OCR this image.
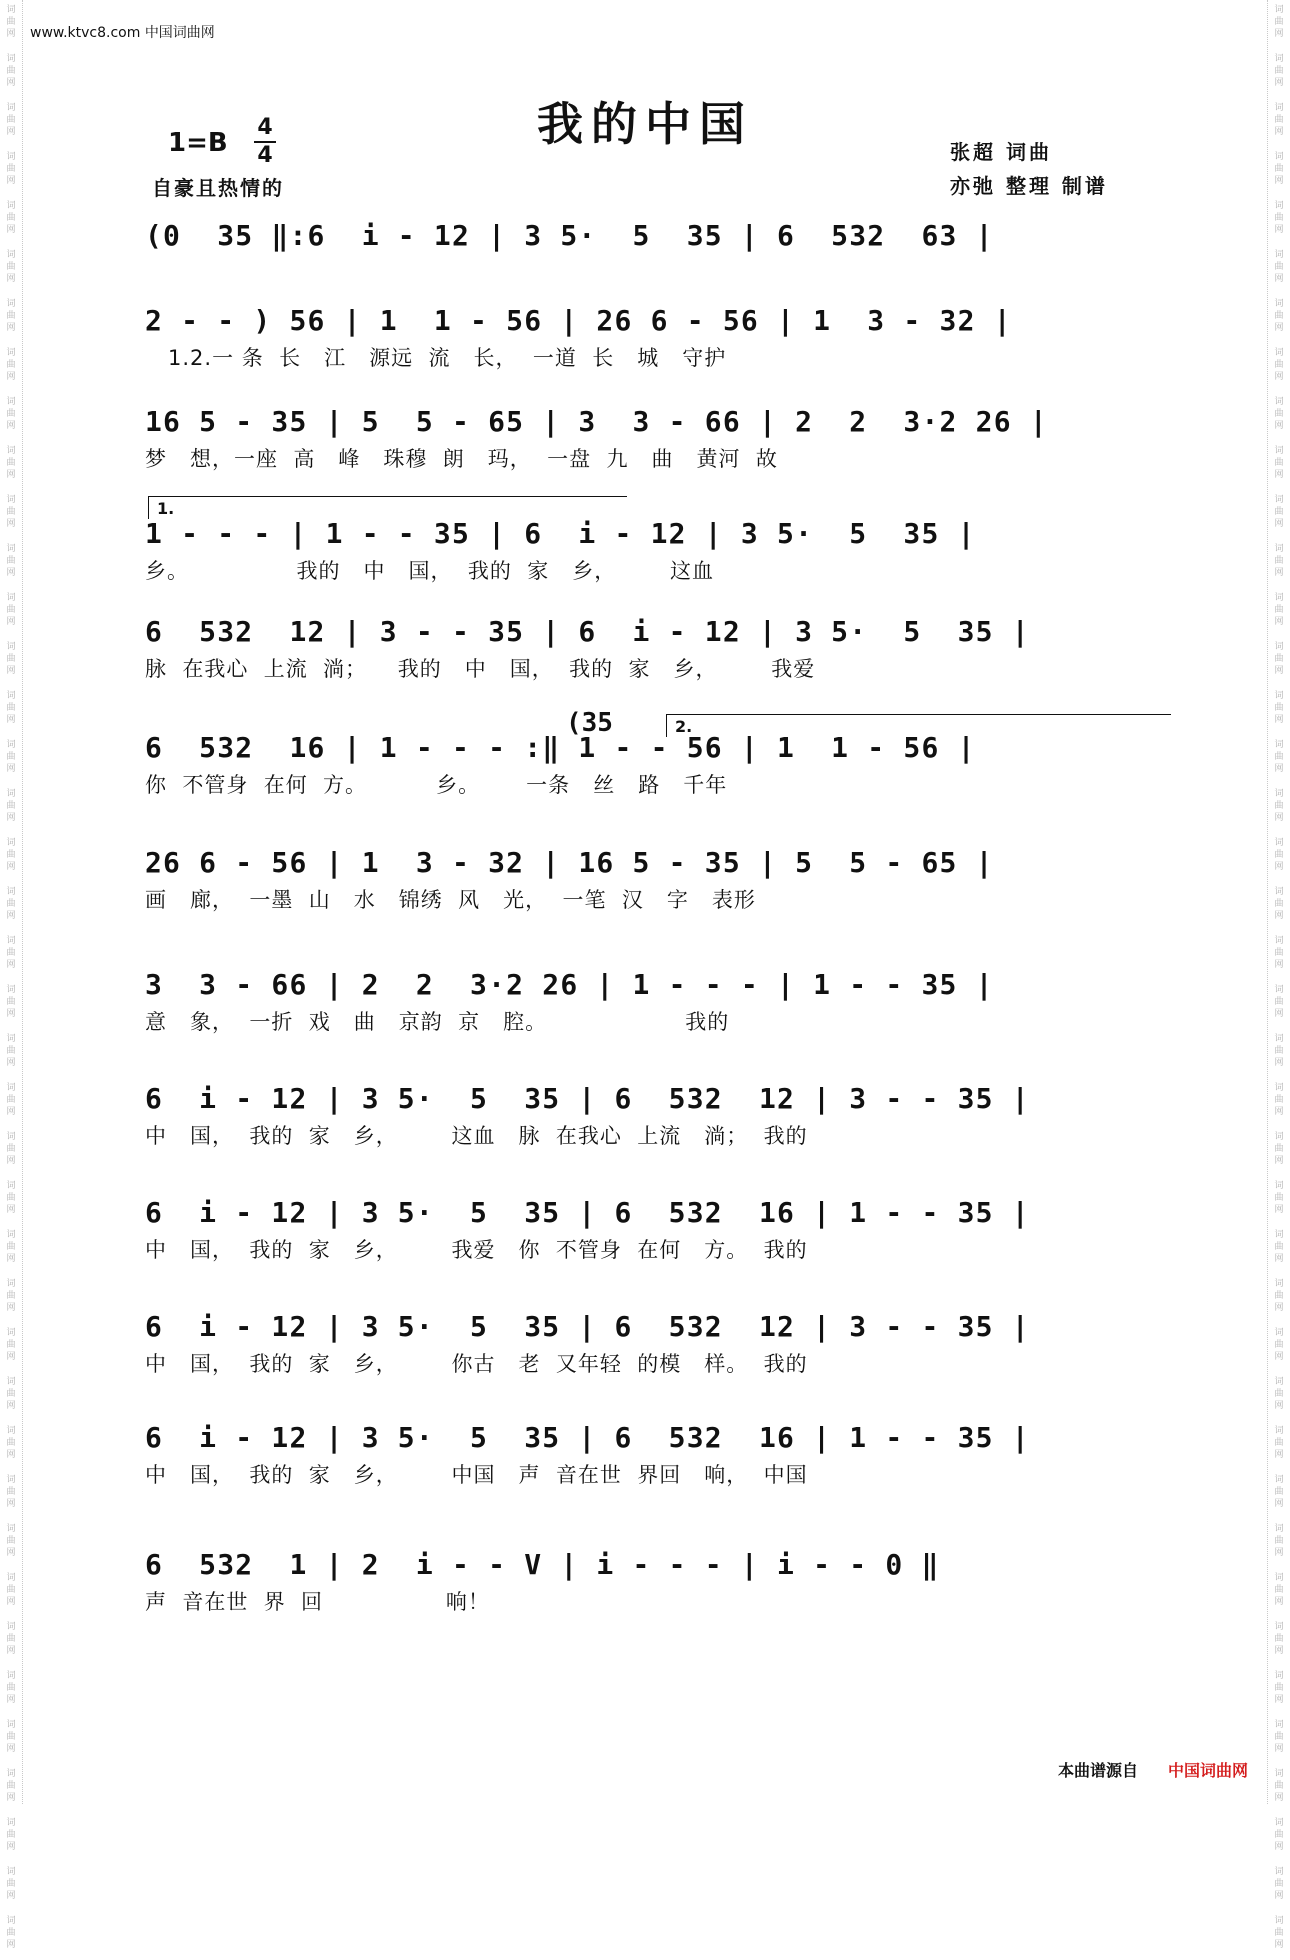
词曲网
词曲网
词曲网
词曲网
词曲网
词曲网
词曲网
词曲网
词曲网
词曲网
词曲网
词曲网
词曲网
词曲网
词曲网
词曲网
词曲网
词曲网
词曲网
词曲网
词曲网
词曲网
词曲网
词曲网
词曲网
词曲网
词曲网
词曲网
词曲网
词曲网
词曲网
词曲网
词曲网
词曲网
词曲网
词曲网
词曲网
词曲网
词曲网
词曲网
词曲网
词曲网
词曲网
词曲网
词曲网
词曲网
词曲网
词曲网
词曲网
词曲网
词曲网
词曲网
词曲网
词曲网
词曲网
词曲网
词曲网
词曲网
词曲网
词曲网
词曲网
词曲网
词曲网
词曲网
词曲网
词曲网
词曲网
词曲网
词曲网
词曲网
词曲网
词曲网
词曲网
词曲网
词曲网
词曲网
词曲网
词曲网
词曲网
词曲网
www.ktvc8.com 中国词曲网
我的中国
1=B
4
4
自豪且热情的
张超 词曲
亦弛 整理 制谱
1.
2.
(35
(0  35 ‖:6  i - 12 | 3 5·  5  35 | 6  532  63 |
2 - - ) 56 | 1  1 - 56 | 26 6 - 56 | 1  3 - 32 |
1.2.一 条  长   江   源远  流   长，  一道  长   城   守护
16 5 - 35 | 5  5 - 65 | 3  3 - 66 | 2  2  3·2 26 |
梦   想，一座  高   峰   珠穆  朗   玛，  一盘  九   曲   黄河  故
1 - - - | 1 - - 35 | 6  i - 12 | 3 5·  5  35 |
乡。              我的   中   国，  我的  家   乡，       这血
6  532  12 | 3 - - 35 | 6  i - 12 | 3 5·  5  35 |
脉  在我心  上流  淌；    我的   中   国，  我的  家   乡，       我爱
6  532  16 | 1 - - - :‖ 1 - - 56 | 1  1 - 56 |
你  不管身  在何  方。         乡。      一条   丝   路   千年
26 6 - 56 | 1  3 - 32 | 16 5 - 35 | 5  5 - 65 |
画   廊，  一墨  山   水   锦绣  风   光，  一笔  汉   字   表形
3  3 - 66 | 2  2  3·2 26 | 1 - - - | 1 - - 35 |
意   象，  一折  戏   曲   京韵  京   腔。                  我的
6  i - 12 | 3 5·  5  35 | 6  532  12 | 3 - - 35 |
中   国，  我的  家   乡，       这血   脉  在我心  上流   淌；  我的
6  i - 12 | 3 5·  5  35 | 6  532  16 | 1 - - 35 |
中   国，  我的  家   乡，       我爱   你  不管身  在何   方。  我的
6  i - 12 | 3 5·  5  35 | 6  532  12 | 3 - - 35 |
中   国，  我的  家   乡，       你古   老  又年轻  的模   样。  我的
6  i - 12 | 3 5·  5  35 | 6  532  16 | 1 - - 35 |
中   国，  我的  家   乡，       中国   声  音在世  界回   响，  中国
6  532  1 | 2  i - - V | i - - - | i - - 0 ‖
声  音在世  界  回                响！
本曲谱源自 中国词曲网
